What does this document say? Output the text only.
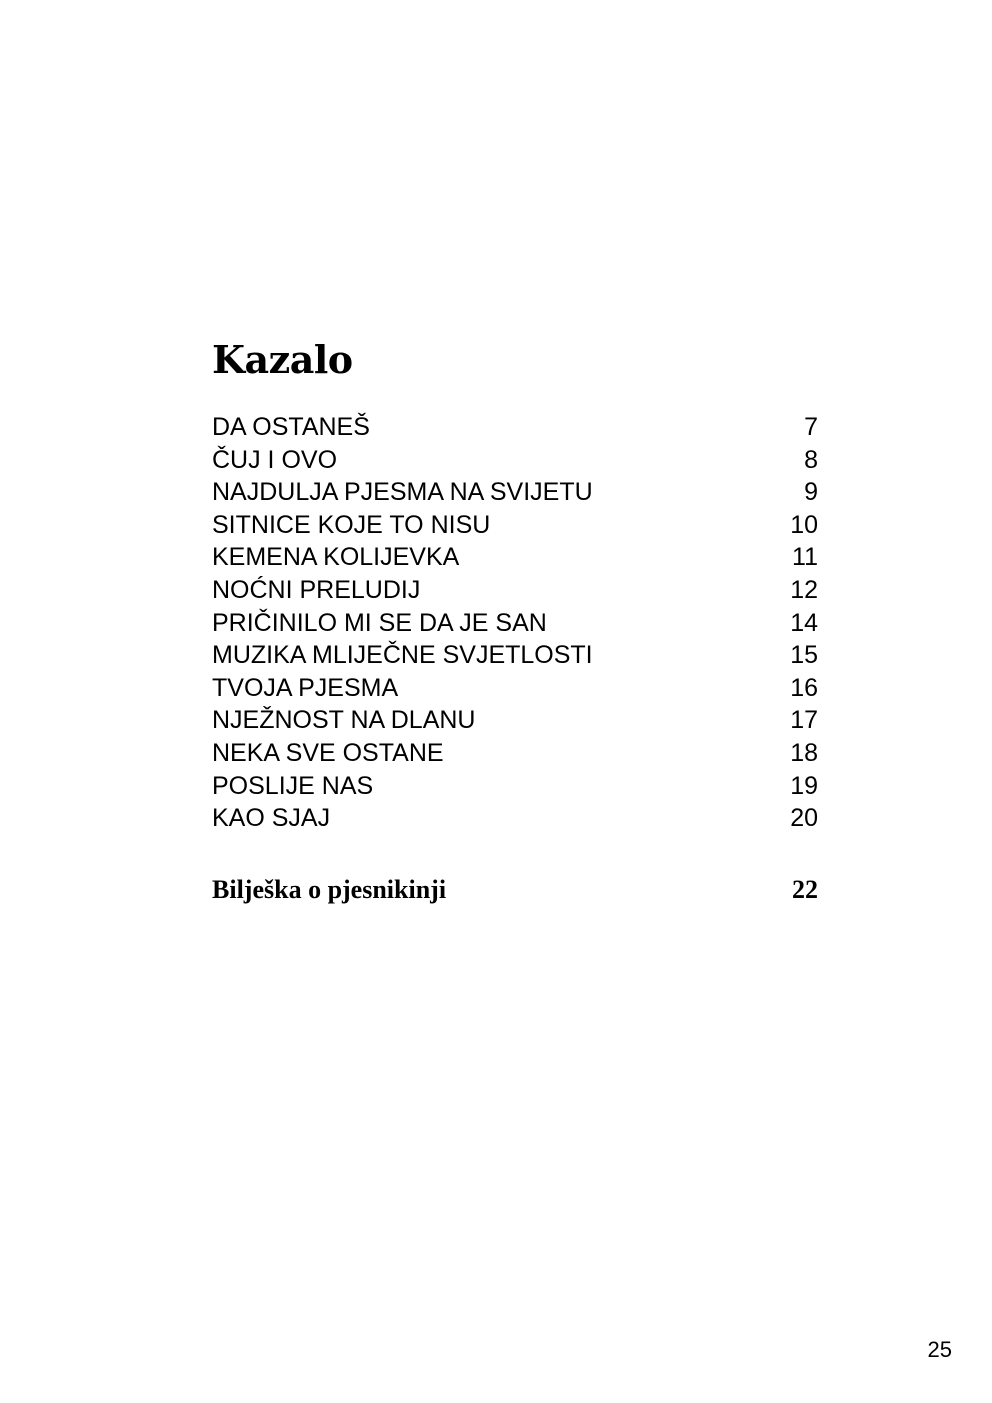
Kazalo
DA OSTANEŠ	7
ČUJ I OVO	8
NAJDULJA PJESMA NA SVIJETU	9
SITNICE KOJE TO NISU	10
KEMENA KOLIJEVKA	11
NOĆNI PRELUDIJ	12
PRIČINILO MI SE DA JE SAN	14
MUZIKA MLIJEČNE SVJETLOSTI	15
TVOJA PJESMA	16
NJEŽNOST NA DLANU	17
NEKA SVE OSTANE	18
POSLIJE NAS	19
KAO SJAJ	20
Bilješka o pjesnikinji	22
25
